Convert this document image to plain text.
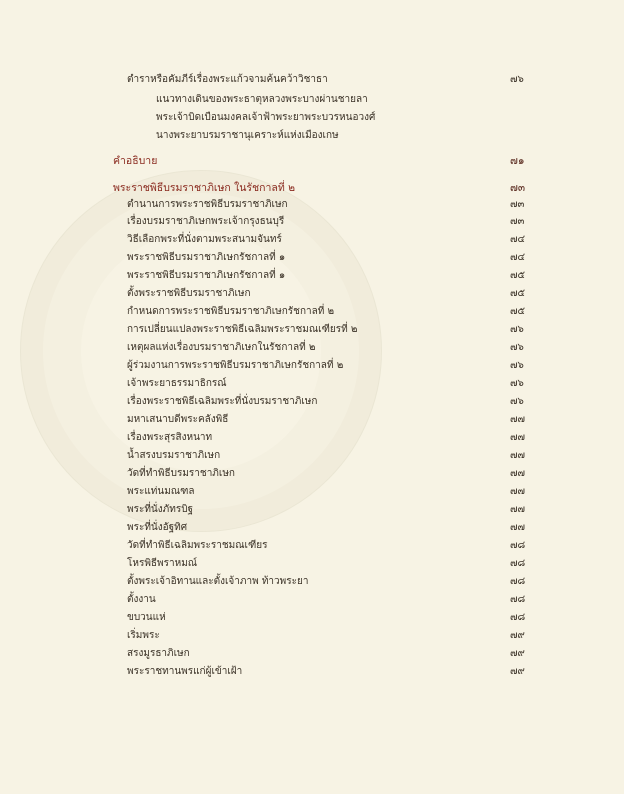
ตำราหรือคัมภีร์เรื่องพระแก้วจามค้นคว้าวิชาธา	๗๖
แนวทางเดินของพระธาตุหลวงพระบางผ่านชายลา
พระเจ้าบิดเบือนมงคลเจ้าฟ้าพระยาพระบวรหนอวงศ์
นางพระยาบรมราชานุเคราะห์แห่งเมืองเกษ
คำอธิบาย	๗๑
พระราชพิธีบรมราชาภิเษก ในรัชกาลที่ ๒	๗๓
ตำนานการพระราชพิธีบรมราชาภิเษก	๗๓
เรื่องบรมราชาภิเษกพระเจ้ากรุงธนบุรี	๗๓
วิธีเลือกพระที่นั่งตามพระสนามจันทร์	๗๔
พระราชพิธีบรมราชาภิเษกรัชกาลที่ ๑	๗๔
พระราชพิธีบรมราชาภิเษกรัชกาลที่ ๑	๗๕
ตั้งพระราชพิธีบรมราชาภิเษก	๗๕
กำหนดการพระราชพิธีบรมราชาภิเษกรัชกาลที่ ๒	๗๕
การเปลี่ยนแปลงพระราชพิธีเฉลิมพระราชมณเฑียรที่ ๒	๗๖
เหตุผลแห่งเรื่องบรมราชาภิเษกในรัชกาลที่ ๒	๗๖
ผู้ร่วมงานการพระราชพิธีบรมราชาภิเษกรัชกาลที่ ๒	๗๖
เจ้าพระยาธรรมาธิกรณ์	๗๖
เรื่องพระราชพิธีเฉลิมพระที่นั่งบรมราชาภิเษก	๗๖
มหาเสนาบดีพระคลังพิธี	๗๗
เรื่องพระสุรสิงหนาท	๗๗
น้ำสรงบรมราชาภิเษก	๗๗
วัดที่ทำพิธีบรมราชาภิเษก	๗๗
พระแท่นมณฑล	๗๗
พระที่นั่งภัทรบิฐ	๗๗
พระที่นั่งอัฐทิศ	๗๗
วัดที่ทำพิธีเฉลิมพระราชมณเฑียร	๗๘
โหรพิธีพราหมณ์	๗๘
ตั้งพระเจ้าอิทานและตั้งเจ้าภาพ ท้าวพระยา	๗๘
ตั้งงาน	๗๘
ขบวนแห่	๗๘
เริ่มพระ	๗๙
สรงมูรธาภิเษก	๗๙
พระราชทานพรแก่ผู้เข้าเฝ้า	๗๙
